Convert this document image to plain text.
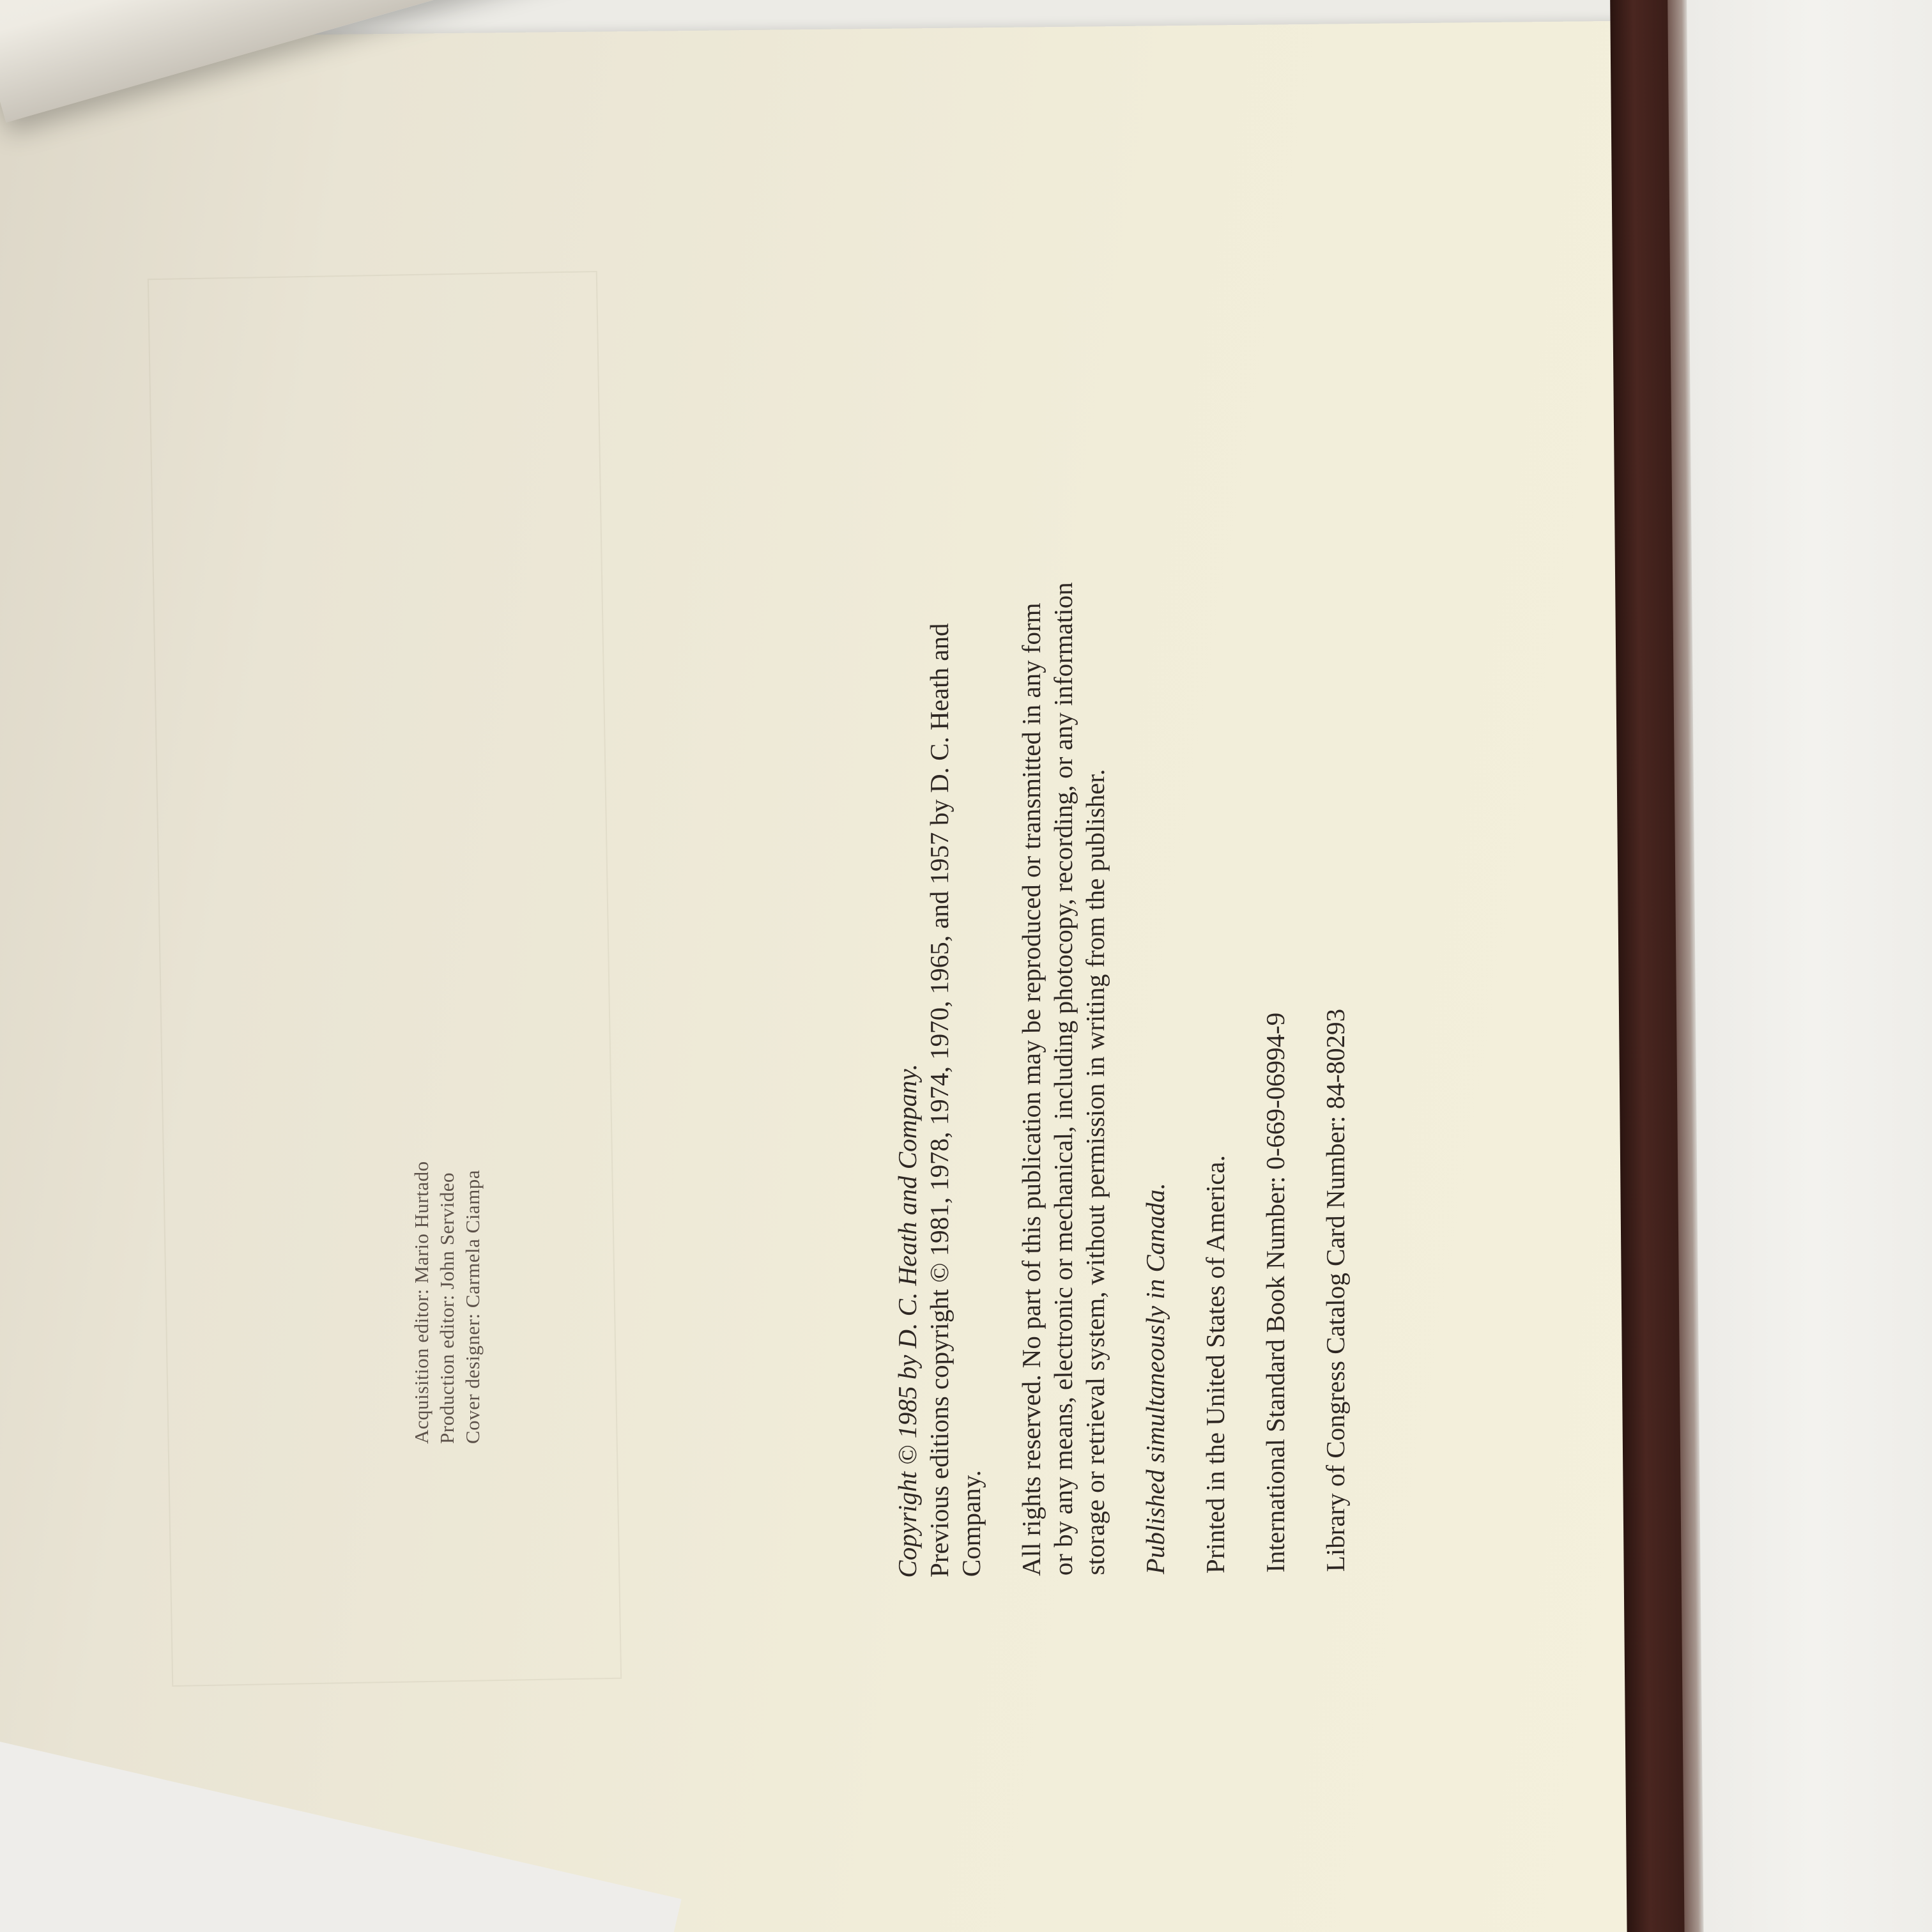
Acquisition editor: Mario Hurtado Production editor: John Servideo Cover designer: Carmela Ciampa	Copyright © 1985 by D. C. Heath and Company.
Previous editions copyright © 1981, 1978, 1974, 1970, 1965, and 1957 by D. C. Heath and
Company. All rights reserved. No part of this publication may be reproduced or transmitted in any form
or by any means, electronic or mechanical, including photocopy, recording, or any information
storage or retrieval system, without permission in writing from the publisher. Published simultaneously in Canada. Printed in the United States of America. International Standard Book Number: 0-669-06994-9 Library of Congress Catalog Card Number: 84-80293
